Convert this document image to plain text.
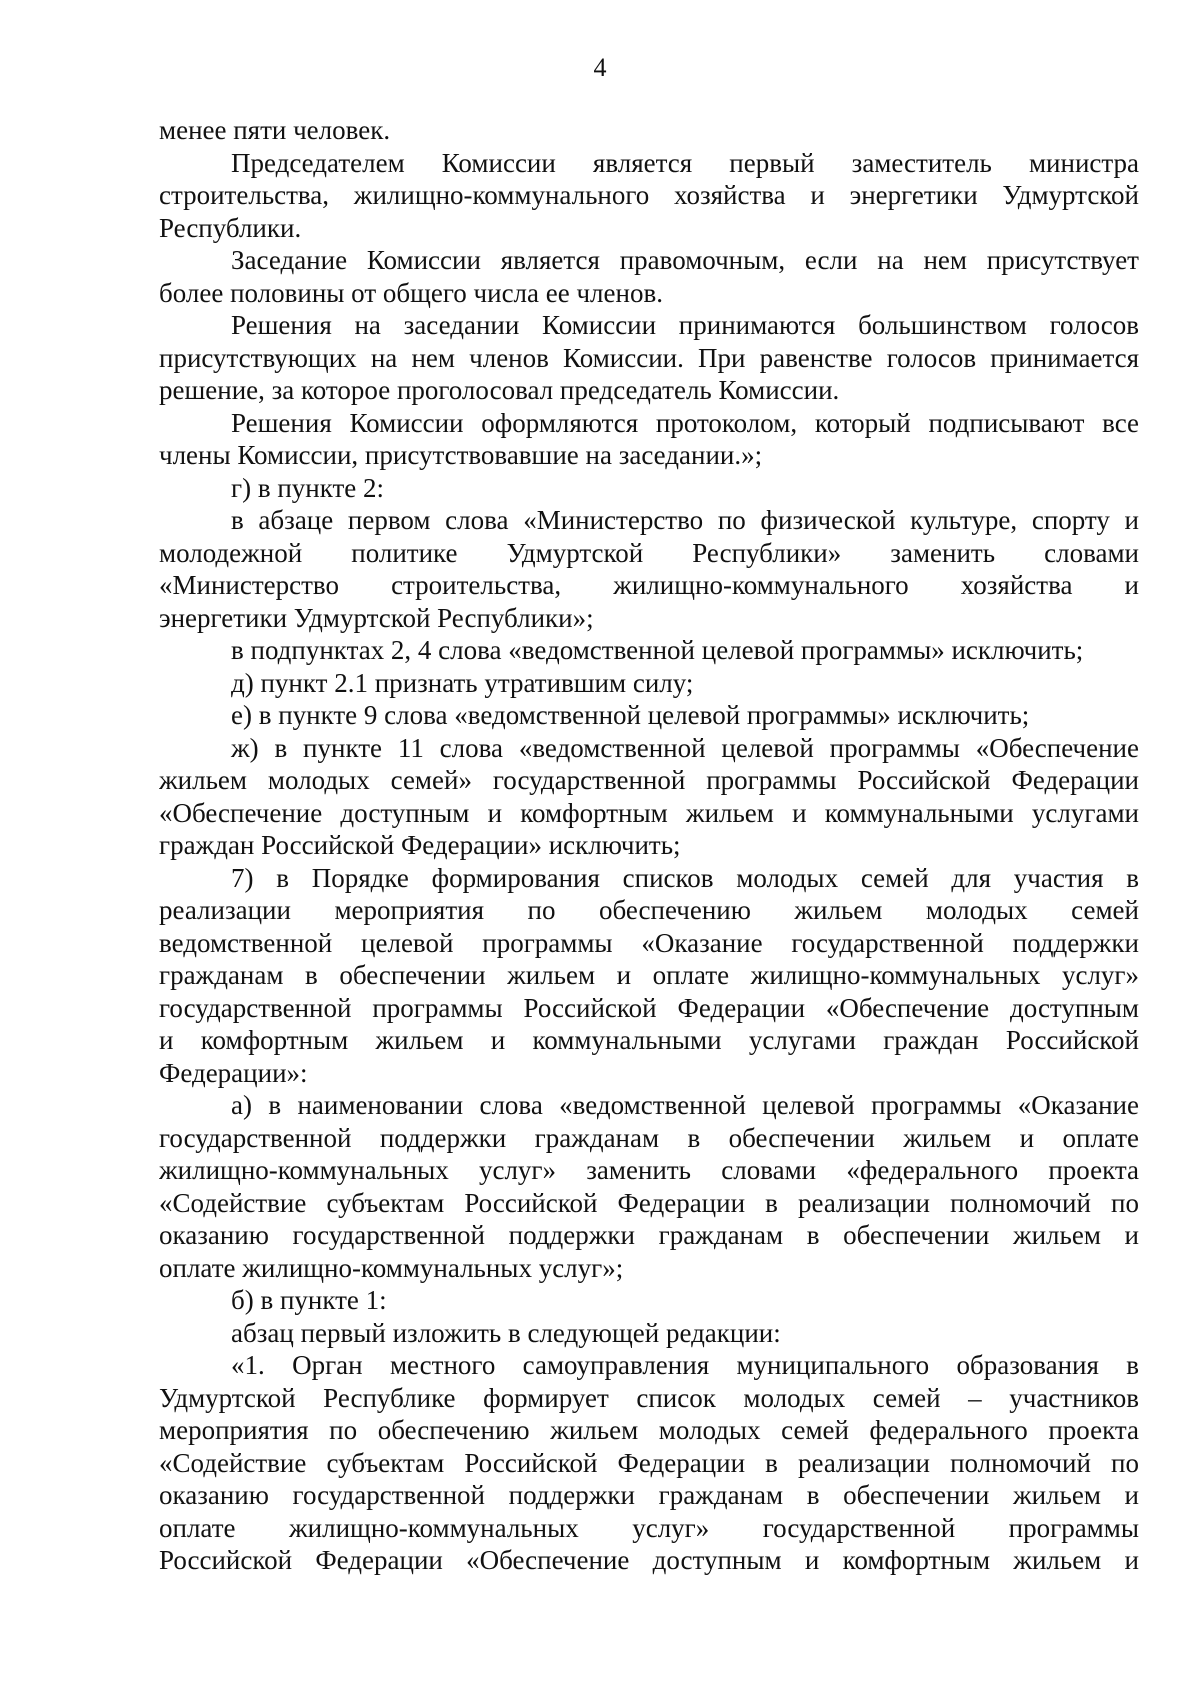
4
менее пяти человек.
Председателем Комиссии является первый заместитель министра
строительства, жилищно-коммунального хозяйства и энергетики Удмуртской
Республики.
Заседание Комиссии является правомочным, если на нем присутствует
более половины от общего числа ее членов.
Решения на заседании Комиссии принимаются большинством голосов
присутствующих на нем членов Комиссии. При равенстве голосов принимается
решение, за которое проголосовал председатель Комиссии.
Решения Комиссии оформляются протоколом, который подписывают все
члены Комиссии, присутствовавшие на заседании.»;
г) в пункте 2:
в абзаце первом слова «Министерство по физической культуре, спорту и
молодежной политике Удмуртской Республики» заменить словами
«Министерство строительства, жилищно-коммунального хозяйства и
энергетики Удмуртской Республики»;
в подпунктах 2, 4 слова «ведомственной целевой программы» исключить;
д) пункт 2.1 признать утратившим силу;
е) в пункте 9 слова «ведомственной целевой программы» исключить;
ж) в пункте 11 слова «ведомственной целевой программы «Обеспечение
жильем молодых семей» государственной программы Российской Федерации
«Обеспечение доступным и комфортным жильем и коммунальными услугами
граждан Российской Федерации» исключить;
7) в Порядке формирования списков молодых семей для участия в
реализации мероприятия по обеспечению жильем молодых семей
ведомственной целевой программы «Оказание государственной поддержки
гражданам в обеспечении жильем и оплате жилищно-коммунальных услуг»
государственной программы Российской Федерации «Обеспечение доступным
и комфортным жильем и коммунальными услугами граждан Российской
Федерации»:
а) в наименовании слова «ведомственной целевой программы «Оказание
государственной поддержки гражданам в обеспечении жильем и оплате
жилищно-коммунальных услуг» заменить словами «федерального проекта
«Содействие субъектам Российской Федерации в реализации полномочий по
оказанию государственной поддержки гражданам в обеспечении жильем и
оплате жилищно-коммунальных услуг»;
б) в пункте 1:
абзац первый изложить в следующей редакции:
«1. Орган местного самоуправления муниципального образования в
Удмуртской Республике формирует список молодых семей – участников
мероприятия по обеспечению жильем молодых семей федерального проекта
«Содействие субъектам Российской Федерации в реализации полномочий по
оказанию государственной поддержки гражданам в обеспечении жильем и
оплате жилищно-коммунальных услуг» государственной программы
Российской Федерации «Обеспечение доступным и комфортным жильем и
